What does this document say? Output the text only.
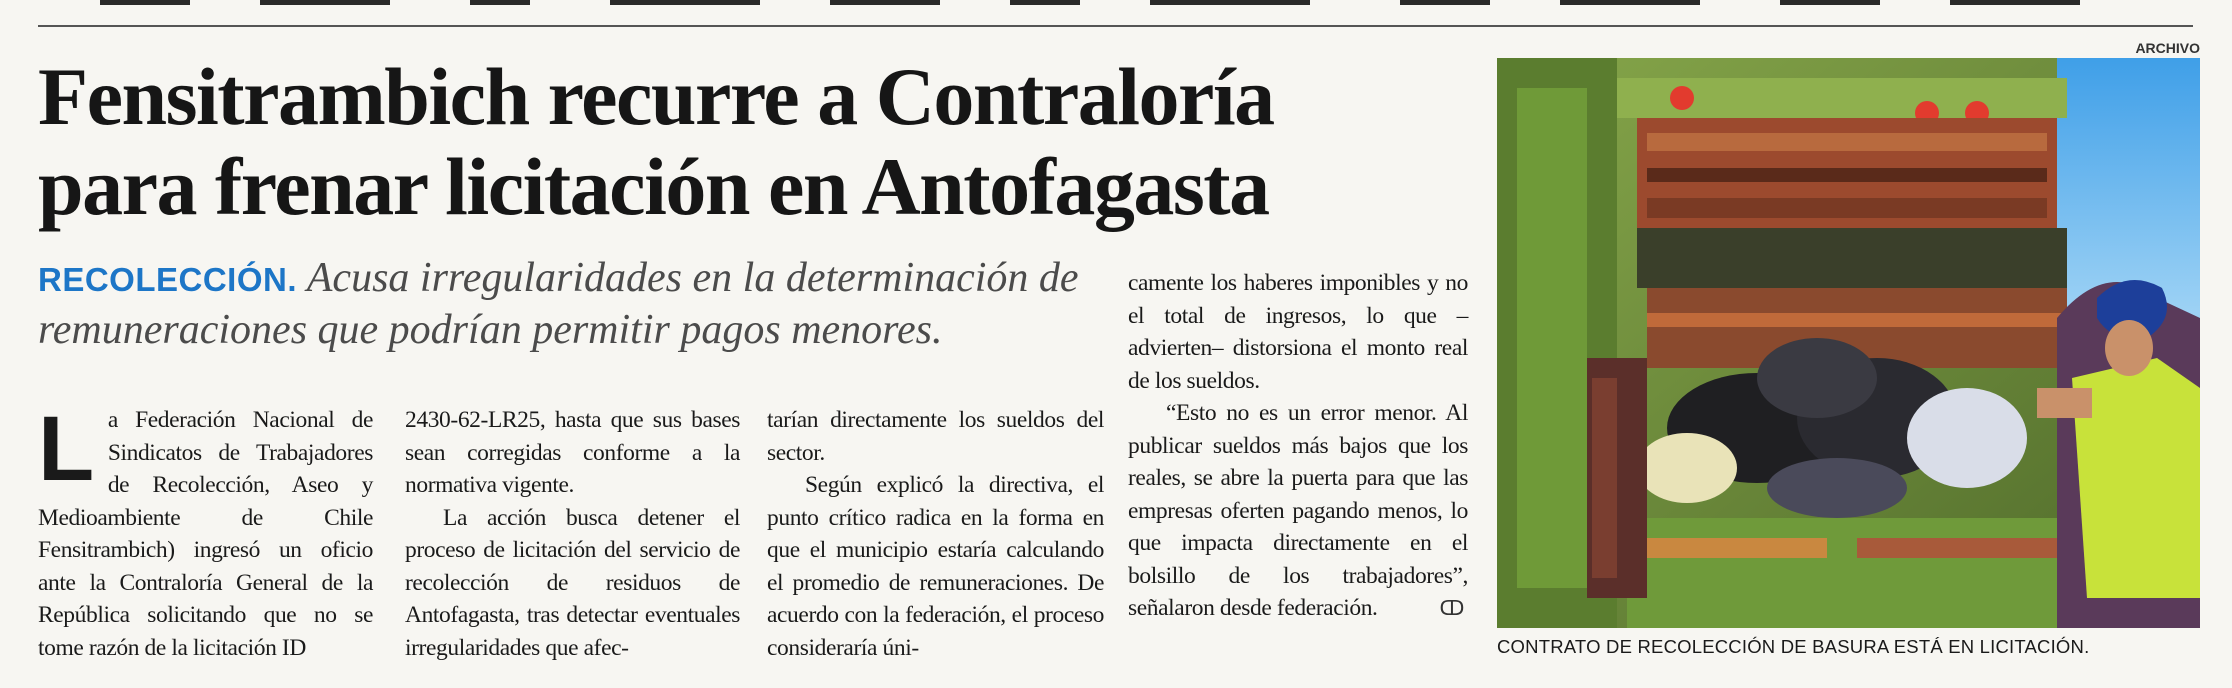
Fensitrambich recurre a Contraloría
para frenar licitación en Antofagasta

RECOLECCIÓN. Acusa irregularidades en la determinación de remuneraciones que podrían permitir pagos menores.

L a Federación Nacional de Sindicatos de Trabajadores de Recolección, Aseo y Medioambiente de Chile Fensitrambich) ingresó un oficio ante la Contraloría General de la República solicitando que no se tome razón de la licitación ID

2430-62-LR25, hasta que sus bases sean corregidas conforme a la normativa vigente.

La acción busca detener el proceso de licitación del servicio de recolección de residuos de Antofagasta, tras detectar eventuales irregularidades que afec-

tarían directamente los sueldos del sector.

Según explicó la directiva, el punto crítico radica en la forma en que el municipio estaría calculando el promedio de remuneraciones. De acuerdo con la federación, el proceso consideraría úni-

camente los haberes imponibles y no el total de ingresos, lo que –advierten– distorsiona el monto real de los sueldos.

“Esto no es un error menor. Al publicar sueldos más bajos que los reales, se abre la puerta para que las empresas oferten pagando menos, lo que impacta directamente en el bolsillo de los trabajadores”, señalaron desde federación.	ↀ

ARCHIVO
CONTRATO DE RECOLECCIÓN DE BASURA ESTÁ EN LICITACIÓN.
